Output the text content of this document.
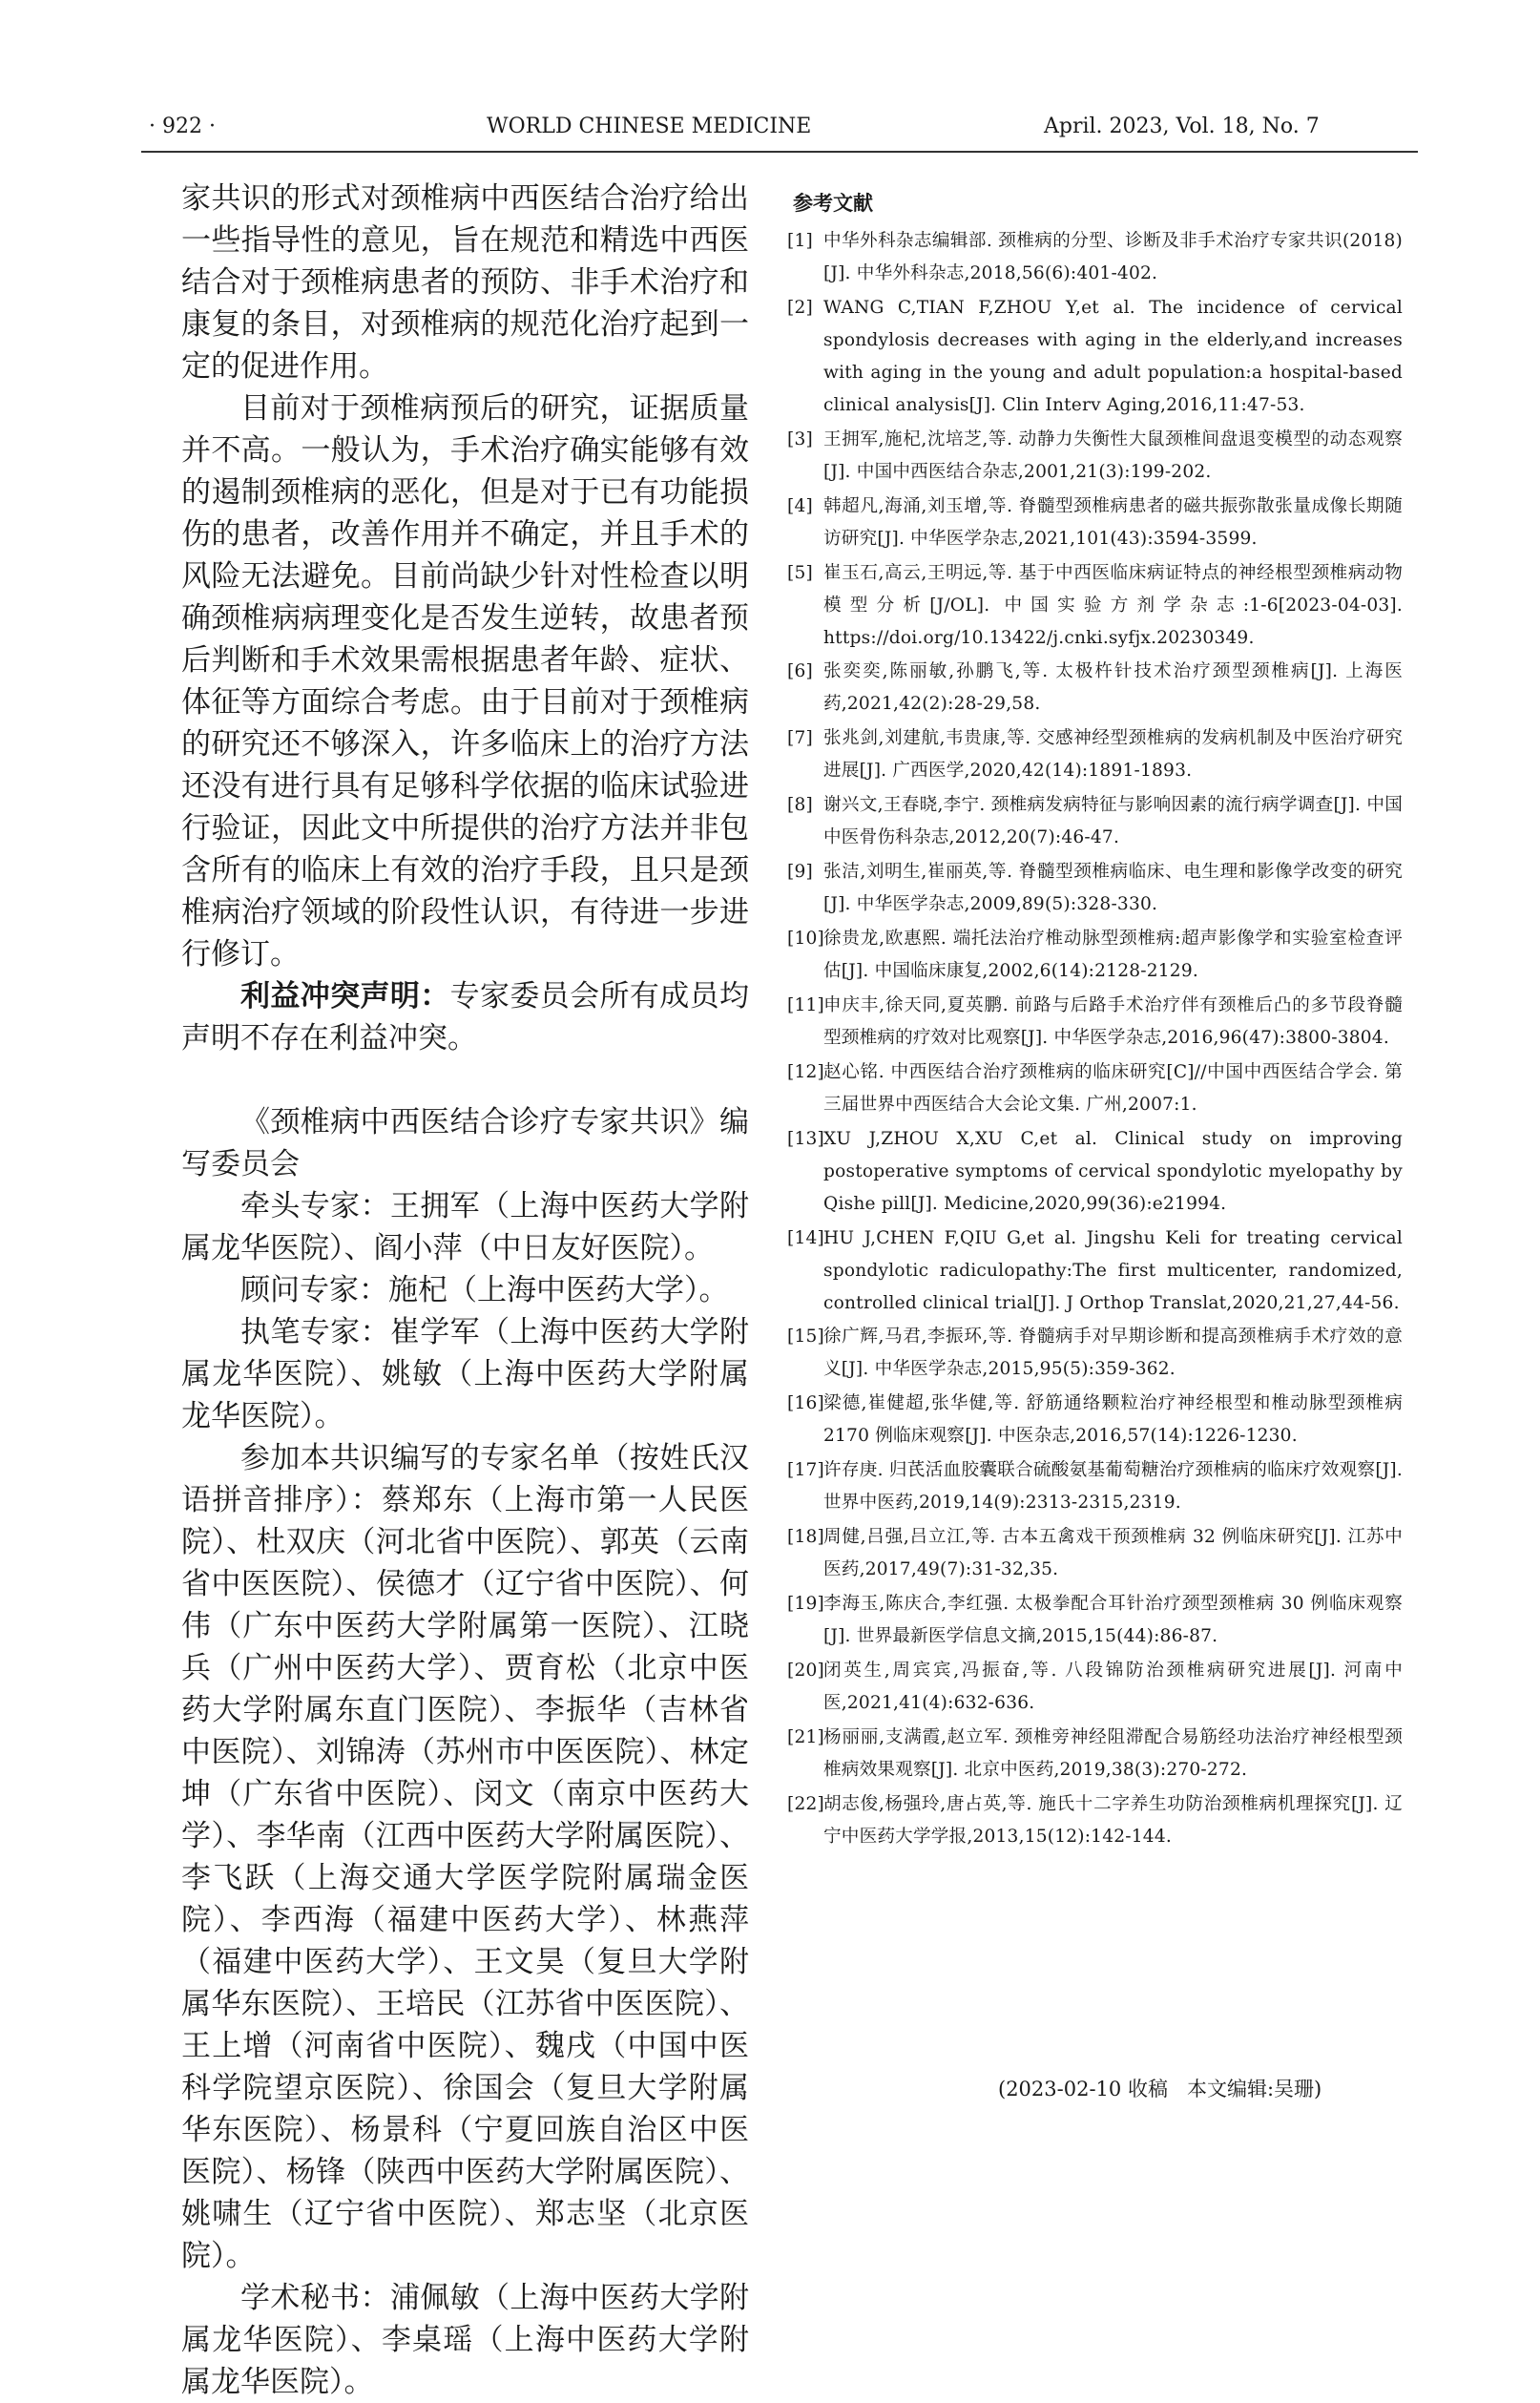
· 922 ·	WORLD CHINESE MEDICINE	April. 2023, Vol. 18, No. 7

家共识的形式对颈椎病中西医结合治疗给出一些指导性的意见，旨在规范和精选中西医结合对于颈椎病患者的预防、非手术治疗和康复的条目，对颈椎病的规范化治疗起到一定的促进作用。

目前对于颈椎病预后的研究，证据质量并不高。一般认为，手术治疗确实能够有效的遏制颈椎病的恶化，但是对于已有功能损伤的患者，改善作用并不确定，并且手术的风险无法避免。目前尚缺少针对性检查以明确颈椎病病理变化是否发生逆转，故患者预后判断和手术效果需根据患者年龄、症状、体征等方面综合考虑。由于目前对于颈椎病的研究还不够深入，许多临床上的治疗方法还没有进行具有足够科学依据的临床试验进行验证，因此文中所提供的治疗方法并非包含所有的临床上有效的治疗手段，且只是颈椎病治疗领域的阶段性认识，有待进一步进行修订。

利益冲突声明：专家委员会所有成员均声明不存在利益冲突。

《颈椎病中西医结合诊疗专家共识》编写委员会

牵头专家：王拥军（上海中医药大学附属龙华医院）、阎小萍（中日友好医院）。

顾问专家：施杞（上海中医药大学）。

执笔专家：崔学军（上海中医药大学附属龙华医院）、姚敏（上海中医药大学附属龙华医院）。

参加本共识编写的专家名单（按姓氏汉语拼音排序）：蔡郑东（上海市第一人民医院）、杜双庆（河北省中医院）、郭英（云南省中医医院）、侯德才（辽宁省中医院）、何伟（广东中医药大学附属第一医院）、江晓兵（广州中医药大学）、贾育松（北京中医药大学附属东直门医院）、李振华（吉林省中医院）、刘锦涛（苏州市中医医院）、林定坤（广东省中医院）、闵文（南京中医药大学）、李华南（江西中医药大学附属医院）、李飞跃（上海交通大学医学院附属瑞金医院）、李西海（福建中医药大学）、林燕萍（福建中医药大学）、王文昊（复旦大学附属华东医院）、王培民（江苏省中医医院）、王上增（河南省中医院）、魏戌（中国中医科学院望京医院）、徐国会（复旦大学附属华东医院）、杨景科（宁夏回族自治区中医医院）、杨锋（陕西中医药大学附属医院）、姚啸生（辽宁省中医院）、郑志坚（北京医院）。

学术秘书：浦佩敏（上海中医药大学附属龙华医院）、李桌瑶（上海中医药大学附属龙华医院）。

参考文献
[1] 中华外科杂志编辑部. 颈椎病的分型、诊断及非手术治疗专家共识(2018)[J]. 中华外科杂志,2018,56(6):401-402.
[2] WANG C,TIAN F,ZHOU Y,et al. The incidence of cervical spondylosis decreases with aging in the elderly,and increases with aging in the young and adult population:a hospital-based clinical analysis[J]. Clin Interv Aging,2016,11:47-53.
[3] 王拥军,施杞,沈培芝,等. 动静力失衡性大鼠颈椎间盘退变模型的动态观察[J]. 中国中西医结合杂志,2001,21(3):199-202.
[4] 韩超凡,海涌,刘玉增,等. 脊髓型颈椎病患者的磁共振弥散张量成像长期随访研究[J]. 中华医学杂志,2021,101(43):3594-3599.
[5] 崔玉石,高云,王明远,等. 基于中西医临床病证特点的神经根型颈椎病动物模型分析[J/OL]. 中国实验方剂学杂志:1-6[2023-04-03]. https://doi.org/10.13422/j.cnki.syfjx.20230349.
[6] 张奕奕,陈丽敏,孙鹏飞,等. 太极杵针技术治疗颈型颈椎病[J]. 上海医药,2021,42(2):28-29,58.
[7] 张兆剑,刘建航,韦贵康,等. 交感神经型颈椎病的发病机制及中医治疗研究进展[J]. 广西医学,2020,42(14):1891-1893.
[8] 谢兴文,王春晓,李宁. 颈椎病发病特征与影响因素的流行病学调查[J]. 中国中医骨伤科杂志,2012,20(7):46-47.
[9] 张洁,刘明生,崔丽英,等. 脊髓型颈椎病临床、电生理和影像学改变的研究[J]. 中华医学杂志,2009,89(5):328-330.
[10] 徐贵龙,欧惠熙. 端托法治疗椎动脉型颈椎病:超声影像学和实验室检查评估[J]. 中国临床康复,2002,6(14):2128-2129.
[11] 申庆丰,徐天同,夏英鹏. 前路与后路手术治疗伴有颈椎后凸的多节段脊髓型颈椎病的疗效对比观察[J]. 中华医学杂志,2016,96(47):3800-3804.
[12] 赵心铭. 中西医结合治疗颈椎病的临床研究[C]//中国中西医结合学会. 第三届世界中西医结合大会论文集. 广州,2007:1.
[13] XU J,ZHOU X,XU C,et al. Clinical study on improving postoperative symptoms of cervical spondylotic myelopathy by Qishe pill[J]. Medicine,2020,99(36):e21994.
[14] HU J,CHEN F,QIU G,et al. Jingshu Keli for treating cervical spondylotic radiculopathy:The first multicenter, randomized, controlled clinical trial[J]. J Orthop Translat,2020,21,27,44-56.
[15] 徐广辉,马君,李振环,等. 脊髓病手对早期诊断和提高颈椎病手术疗效的意义[J]. 中华医学杂志,2015,95(5):359-362.
[16] 梁德,崔健超,张华健,等. 舒筋通络颗粒治疗神经根型和椎动脉型颈椎病 2170 例临床观察[J]. 中医杂志,2016,57(14):1226-1230.
[17] 许存庚. 归芪活血胶囊联合硫酸氨基葡萄糖治疗颈椎病的临床疗效观察[J]. 世界中医药,2019,14(9):2313-2315,2319.
[18] 周健,吕强,吕立江,等. 古本五禽戏干预颈椎病 32 例临床研究[J]. 江苏中医药,2017,49(7):31-32,35.
[19] 李海玉,陈庆合,李红强. 太极拳配合耳针治疗颈型颈椎病 30 例临床观察[J]. 世界最新医学信息文摘,2015,15(44):86-87.
[20] 闭英生,周宾宾,冯振奋,等. 八段锦防治颈椎病研究进展[J]. 河南中医,2021,41(4):632-636.
[21] 杨丽丽,支满霞,赵立军. 颈椎旁神经阻滞配合易筋经功法治疗神经根型颈椎病效果观察[J]. 北京中医药,2019,38(3):270-272.
[22] 胡志俊,杨强玲,唐占英,等. 施氏十二字养生功防治颈椎病机理探究[J]. 辽宁中医药大学学报,2013,15(12):142-144.
(2023-02-10 收稿   本文编辑:吴珊)
